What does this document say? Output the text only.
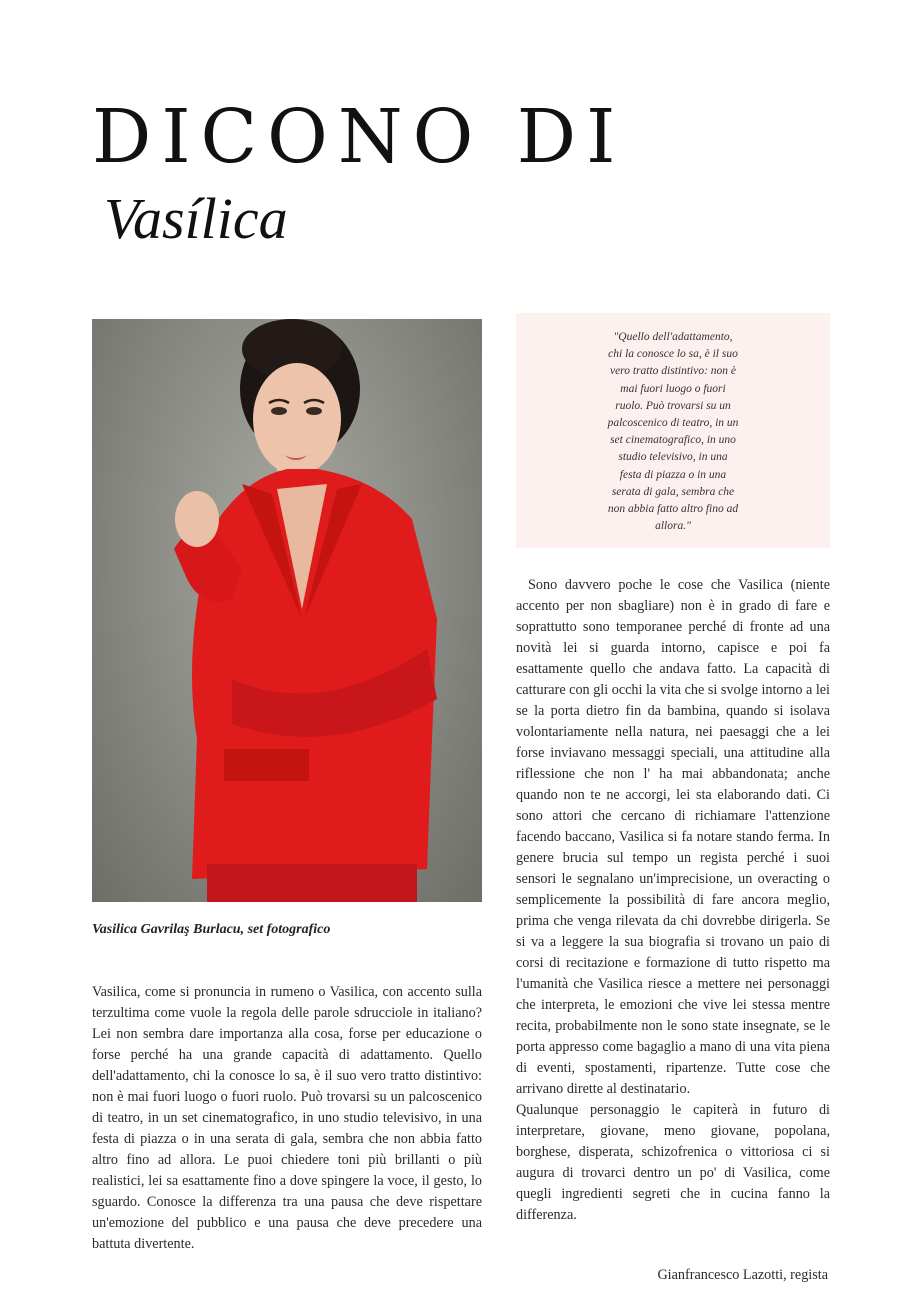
DICONO DI
Vasílica
Vasilica Gavrilaş Burlacu, set fotografico
Vasilica, come si pronuncia in rumeno o Vasilica, con accento sulla terzultima come vuole la regola delle parole sdrucciole in italiano? Lei non sembra dare importanza alla cosa, forse per educazione o forse perché ha una grande capacità di adattamento. Quello dell'adattamento, chi la conosce lo sa, è il suo vero tratto distintivo: non è mai fuori luogo o fuori ruolo. Può trovarsi su un palcoscenico di teatro, in un set cinematografico, in uno studio televisivo, in una festa di piazza o in una serata di gala, sembra che non abbia fatto altro fino ad allora. Le puoi chiedere toni più brillanti o più realistici, lei sa esattamente fino a dove spingere la voce, il gesto, lo sguardo. Conosce la differenza tra una pausa che deve rispettare un'emozione del pubblico e una pausa che deve precedere una battuta divertente.
"Quello dell'adattamento, chi la conosce lo sa, è il suo vero tratto distintivo: non è mai fuori luogo o fuori ruolo. Può trovarsi su un palcoscenico di teatro, in un set cinematografico, in uno studio televisivo, in una festa di piazza o in una serata di gala, sembra che non abbia fatto altro fino ad allora."

Sono davvero poche le cose che Vasilica (niente accento per non sbagliare) non è in grado di fare e soprattutto sono temporanee perché di fronte ad una novità lei si guarda intorno, capisce e poi fa esattamente quello che andava fatto. La capacità di catturare con gli occhi la vita che si svolge intorno a lei se la porta dietro fin da bambina, quando si isolava volontariamente nella natura, nei paesaggi che a lei forse inviavano messaggi speciali, una attitudine alla riflessione che non l' ha mai abbandonata; anche quando non te ne accorgi, lei sta elaborando dati. Ci sono attori che cercano di richiamare l'attenzione facendo baccano, Vasilica si fa notare stando ferma. In genere brucia sul tempo un regista perché i suoi sensori le segnalano un'imprecisione, un overacting o semplicemente la possibilità di fare ancora meglio, prima che venga rilevata da chi dovrebbe dirigerla. Se si va a leggere la sua biografia si trovano un paio di corsi di recitazione e formazione di tutto rispetto ma l'umanità che Vasilica riesce a mettere nei personaggi che interpreta, le emozioni che vive lei stessa mentre recita, probabilmente non le sono state insegnate, se le porta appresso come bagaglio a mano di una vita piena di eventi, spostamenti, ripartenze. Tutte cose che arrivano dirette al destinatario.

Qualunque personaggio le capiterà in futuro di interpretare, giovane, meno giovane, popolana, borghese, disperata, schizofrenica o vittoriosa ci si augura di trovarci dentro un po' di Vasilica, come quegli ingredienti segreti che in cucina fanno la differenza.

Gianfrancesco Lazotti, regista
